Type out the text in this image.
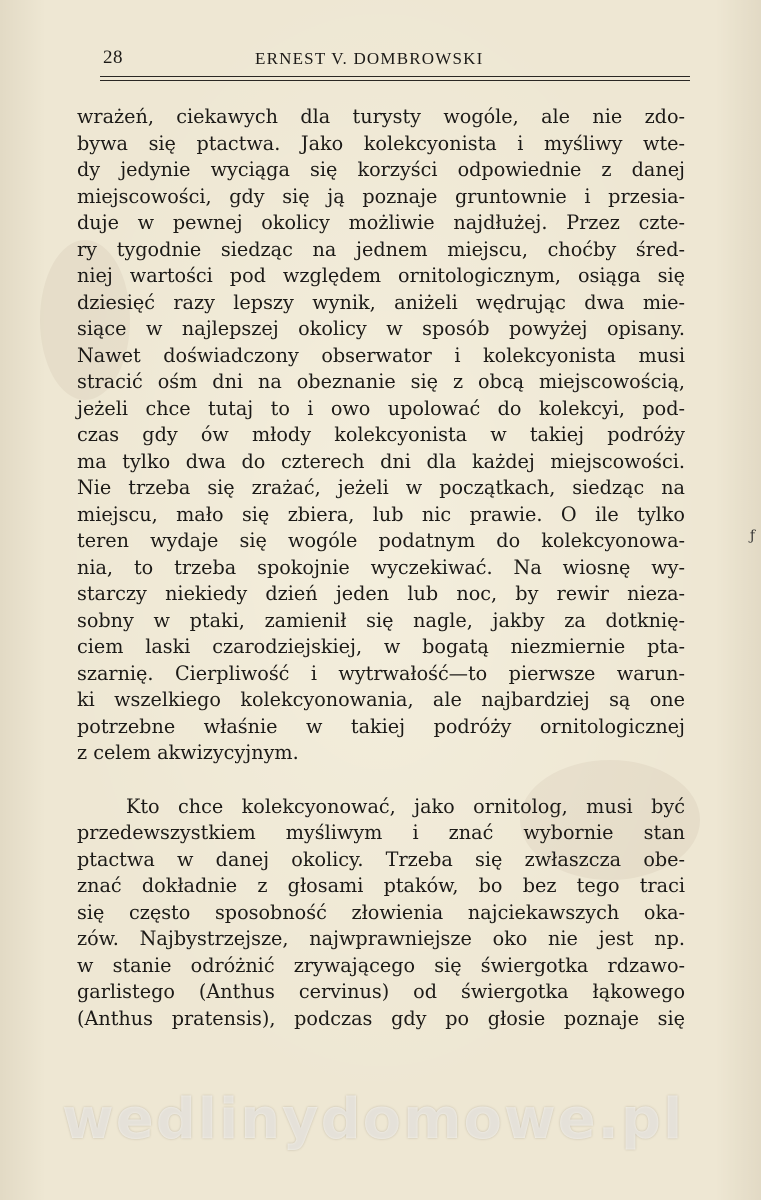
28	ERNEST V. DOMBROWSKI
wrażeń, ciekawych dla turysty wogóle, ale nie zdo-
bywa się ptactwa. Jako kolekcyonista i myśliwy wte-
dy jedynie wyciąga się korzyści odpowiednie z danej
miejscowości, gdy się ją poznaje gruntownie i przesia-
duje w pewnej okolicy możliwie najdłużej. Przez czte-
ry tygodnie siedząc na jednem miejscu, choćby śred-
niej wartości pod względem ornitologicznym, osiąga się
dziesięć razy lepszy wynik, aniżeli wędrując dwa mie-
siące w najlepszej okolicy w sposób powyżej opisany.
Nawet doświadczony obserwator i kolekcyonista musi
stracić ośm dni na obeznanie się z obcą miejscowością,
jeżeli chce tutaj to i owo upolować do kolekcyi, pod-
czas gdy ów młody kolekcyonista w takiej podróży
ma tylko dwa do czterech dni dla każdej miejscowości.
Nie trzeba się zrażać, jeżeli w początkach, siedząc na
miejscu, mało się zbiera, lub nic prawie. O ile tylko
teren wydaje się wogóle podatnym do kolekcyonowa-
nia, to trzeba spokojnie wyczekiwać. Na wiosnę wy-
starczy niekiedy dzień jeden lub noc, by rewir nieza-
sobny w ptaki, zamienił się nagle, jakby za dotknię-
ciem laski czarodziejskiej, w bogatą niezmiernie pta-
szarnię. Cierpliwość i wytrwałość—to pierwsze warun-
ki wszelkiego kolekcyonowania, ale najbardziej są one
potrzebne właśnie w takiej podróży ornitologicznej
z celem akwizycyjnym.
Kto chce kolekcyonować, jako ornitolog, musi być
przedewszystkiem myśliwym i znać wybornie stan
ptactwa w danej okolicy. Trzeba się zwłaszcza obe-
znać dokładnie z głosami ptaków, bo bez tego traci
się często sposobność złowienia najciekawszych oka-
zów. Najbystrzejsze, najwprawniejsze oko nie jest np.
w stanie odróżnić zrywającego się świergotka rdzawo-
garlistego (Anthus cervinus) od świergotka łąkowego
(Anthus pratensis), podczas gdy po głosie poznaje się
ƒ
wedlinydomowe.pl
